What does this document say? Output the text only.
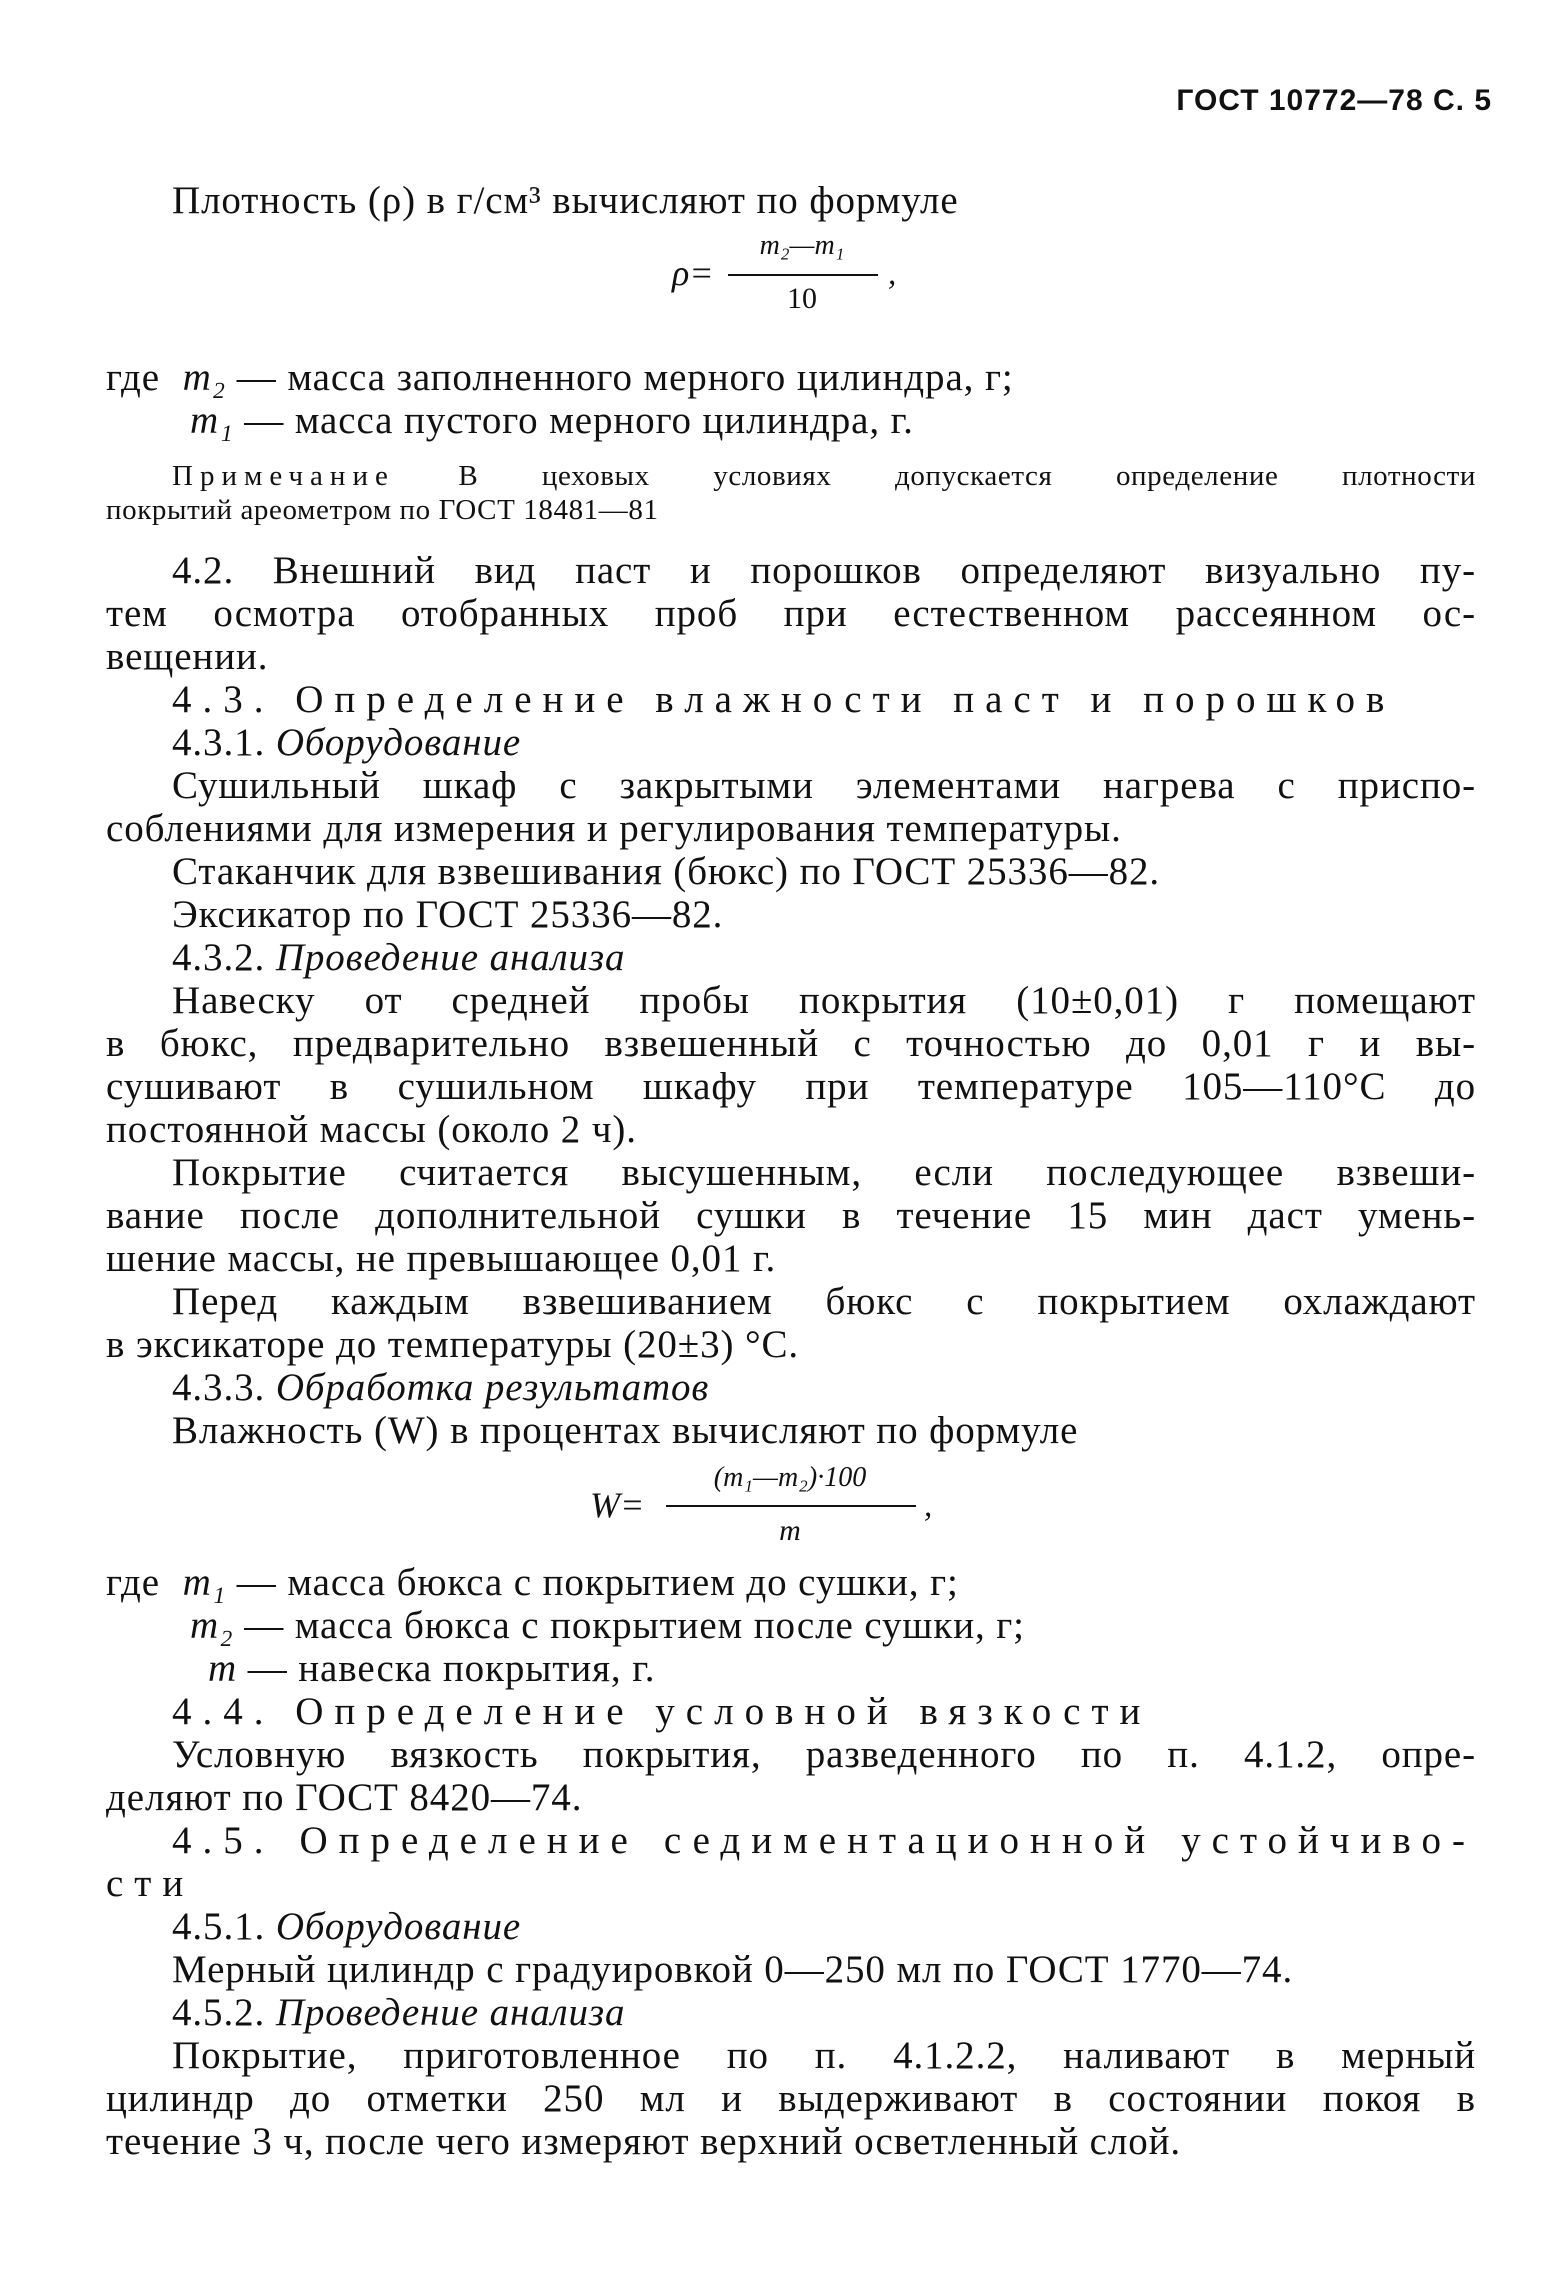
ГОСТ 10772—78 С. 5
Плотность (ρ) в г/см³ вычисляют по формуле
ρ=
m₂—m₁
10
,
где m₂ — масса заполненного мерного цилиндра, г;
m₁ — масса пустого мерного цилиндра, г.
Примечание В цеховых условиях допускается определение плотности
покрытий ареометром по ГОСТ 18481—81
4.2. Внешний вид паст и порошков определяют визуально пу-
тем осмотра отобранных проб при естественном рассеянном ос-
вещении.
4.3. Определение влажности паст и порошков
4.3.1. Оборудование
Сушильный шкаф с закрытыми элементами нагрева с приспо-
соблениями для измерения и регулирования температуры.
Стаканчик для взвешивания (бюкс) по ГОСТ 25336—82.
Эксикатор по ГОСТ 25336—82.
4.3.2. Проведение анализа
Навеску от средней пробы покрытия (10±0,01) г помещают
в бюкс, предварительно взвешенный с точностью до 0,01 г и вы-
сушивают в сушильном шкафу при температуре 105—110°С до
постоянной массы (около 2 ч).
Покрытие считается высушенным, если последующее взвеши-
вание после дополнительной сушки в течение 15 мин даст умень-
шение массы, не превышающее 0,01 г.
Перед каждым взвешиванием бюкс с покрытием охлаждают
в эксикаторе до температуры (20±3) °С.
4.3.3. Обработка результатов
Влажность (W) в процентах вычисляют по формуле
W=
(m₁—m₂)·100
m
,
где m₁ — масса бюкса с покрытием до сушки, г;
m₂ — масса бюкса с покрытием после сушки, г;
m — навеска покрытия, г.
4.4. Определение условной вязкости
Условную вязкость покрытия, разведенного по п. 4.1.2, опре-
деляют по ГОСТ 8420—74.
4.5. Определение седиментационной устойчиво-
сти
4.5.1. Оборудование
Мерный цилиндр с градуировкой 0—250 мл по ГОСТ 1770—74.
4.5.2. Проведение анализа
Покрытие, приготовленное по п. 4.1.2.2, наливают в мерный
цилиндр до отметки 250 мл и выдерживают в состоянии покоя в
течение 3 ч, после чего измеряют верхний осветленный слой.
